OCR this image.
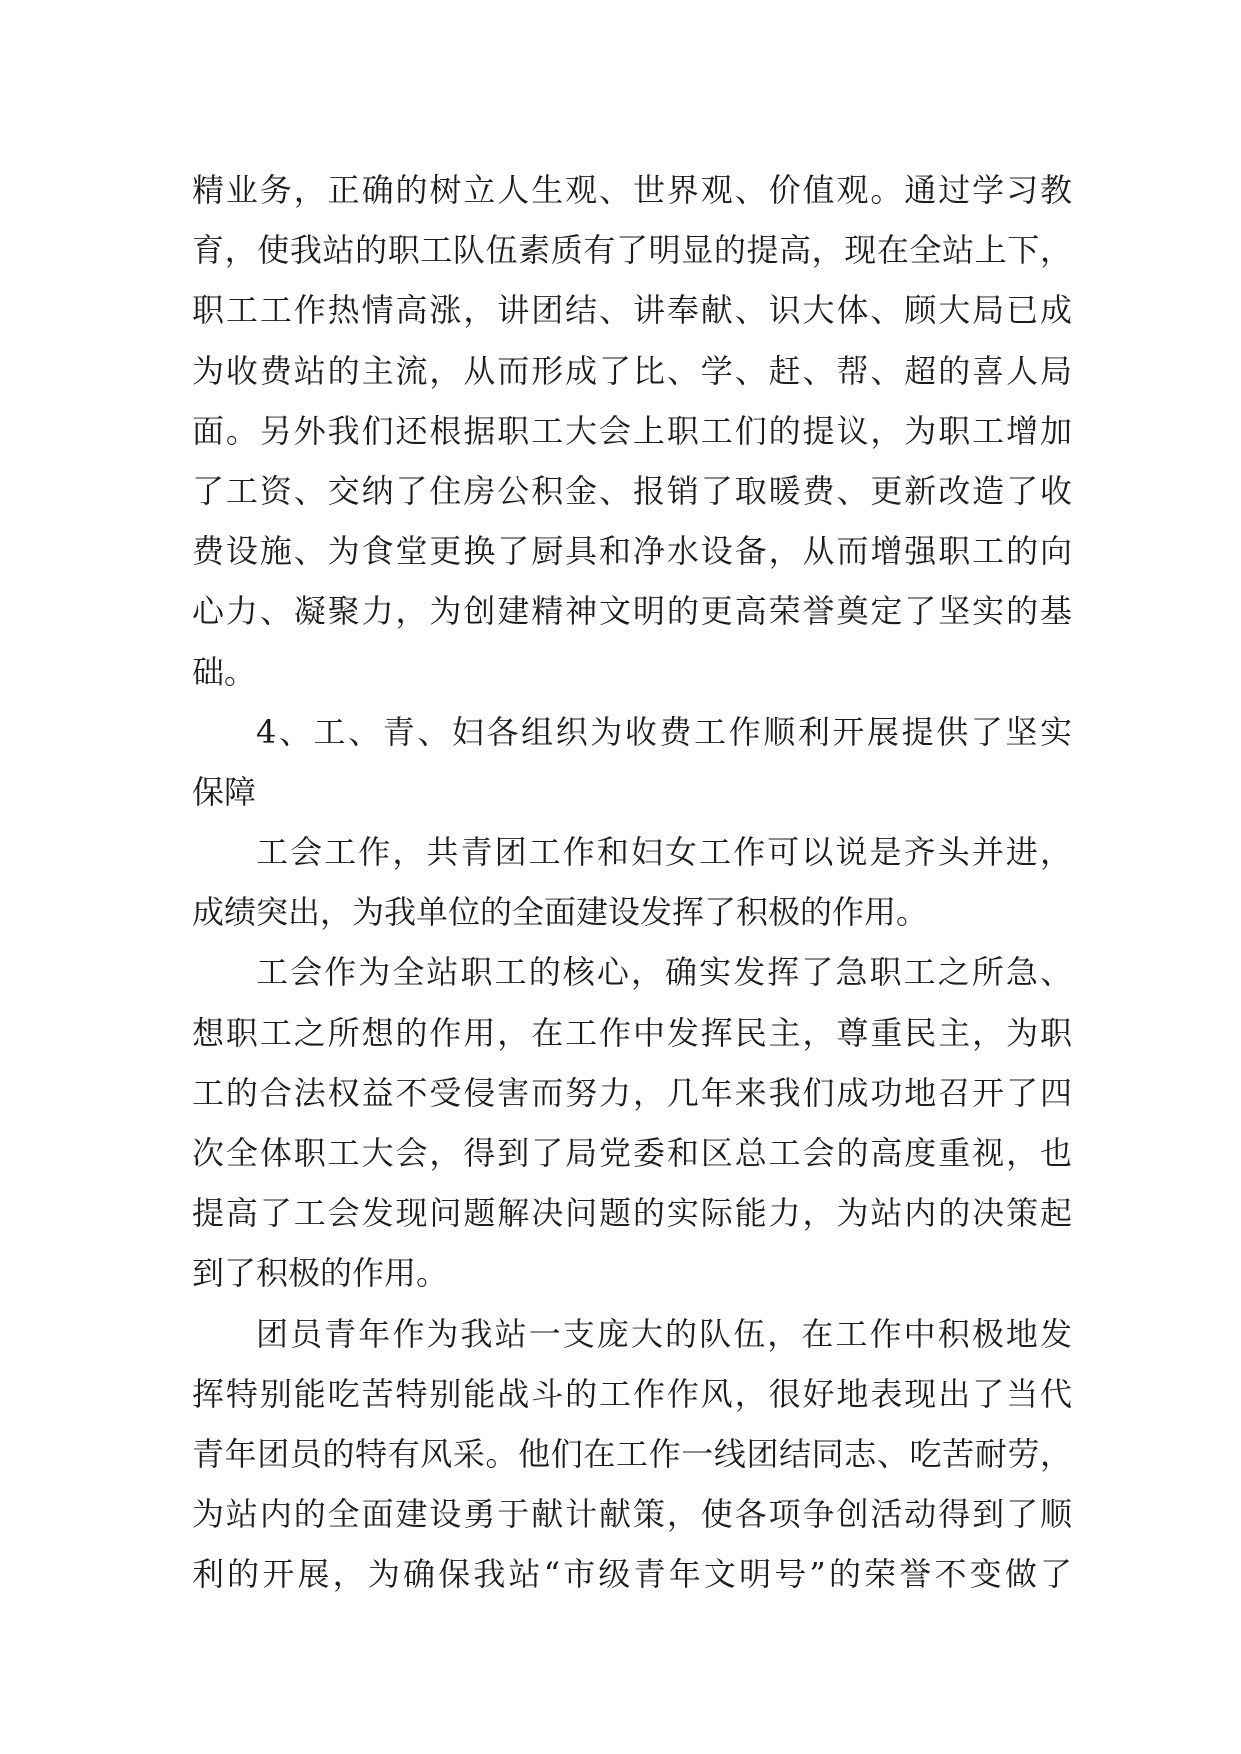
精业务，正确的树立人生观、世界观、价值观。通过学习教
育，使我站的职工队伍素质有了明显的提高，现在全站上下，
职工工作热情高涨，讲团结、讲奉献、识大体、顾大局已成
为收费站的主流，从而形成了比、学、赶、帮、超的喜人局
面。另外我们还根据职工大会上职工们的提议，为职工增加
了工资、交纳了住房公积金、报销了取暖费、更新改造了收
费设施、为食堂更换了厨具和净水设备，从而增强职工的向
心力、凝聚力，为创建精神文明的更高荣誉奠定了坚实的基
础。
4、工、青、妇各组织为收费工作顺利开展提供了坚实
保障
工会工作，共青团工作和妇女工作可以说是齐头并进，
成绩突出，为我单位的全面建设发挥了积极的作用。
工会作为全站职工的核心，确实发挥了急职工之所急、
想职工之所想的作用，在工作中发挥民主，尊重民主，为职
工的合法权益不受侵害而努力，几年来我们成功地召开了四
次全体职工大会，得到了局党委和区总工会的高度重视，也
提高了工会发现问题解决问题的实际能力，为站内的决策起
到了积极的作用。
团员青年作为我站一支庞大的队伍，在工作中积极地发
挥特别能吃苦特别能战斗的工作作风，很好地表现出了当代
青年团员的特有风采。他们在工作一线团结同志、吃苦耐劳，
为站内的全面建设勇于献计献策，使各项争创活动得到了顺
利的开展，为确保我站“市级青年文明号”的荣誉不变做了
